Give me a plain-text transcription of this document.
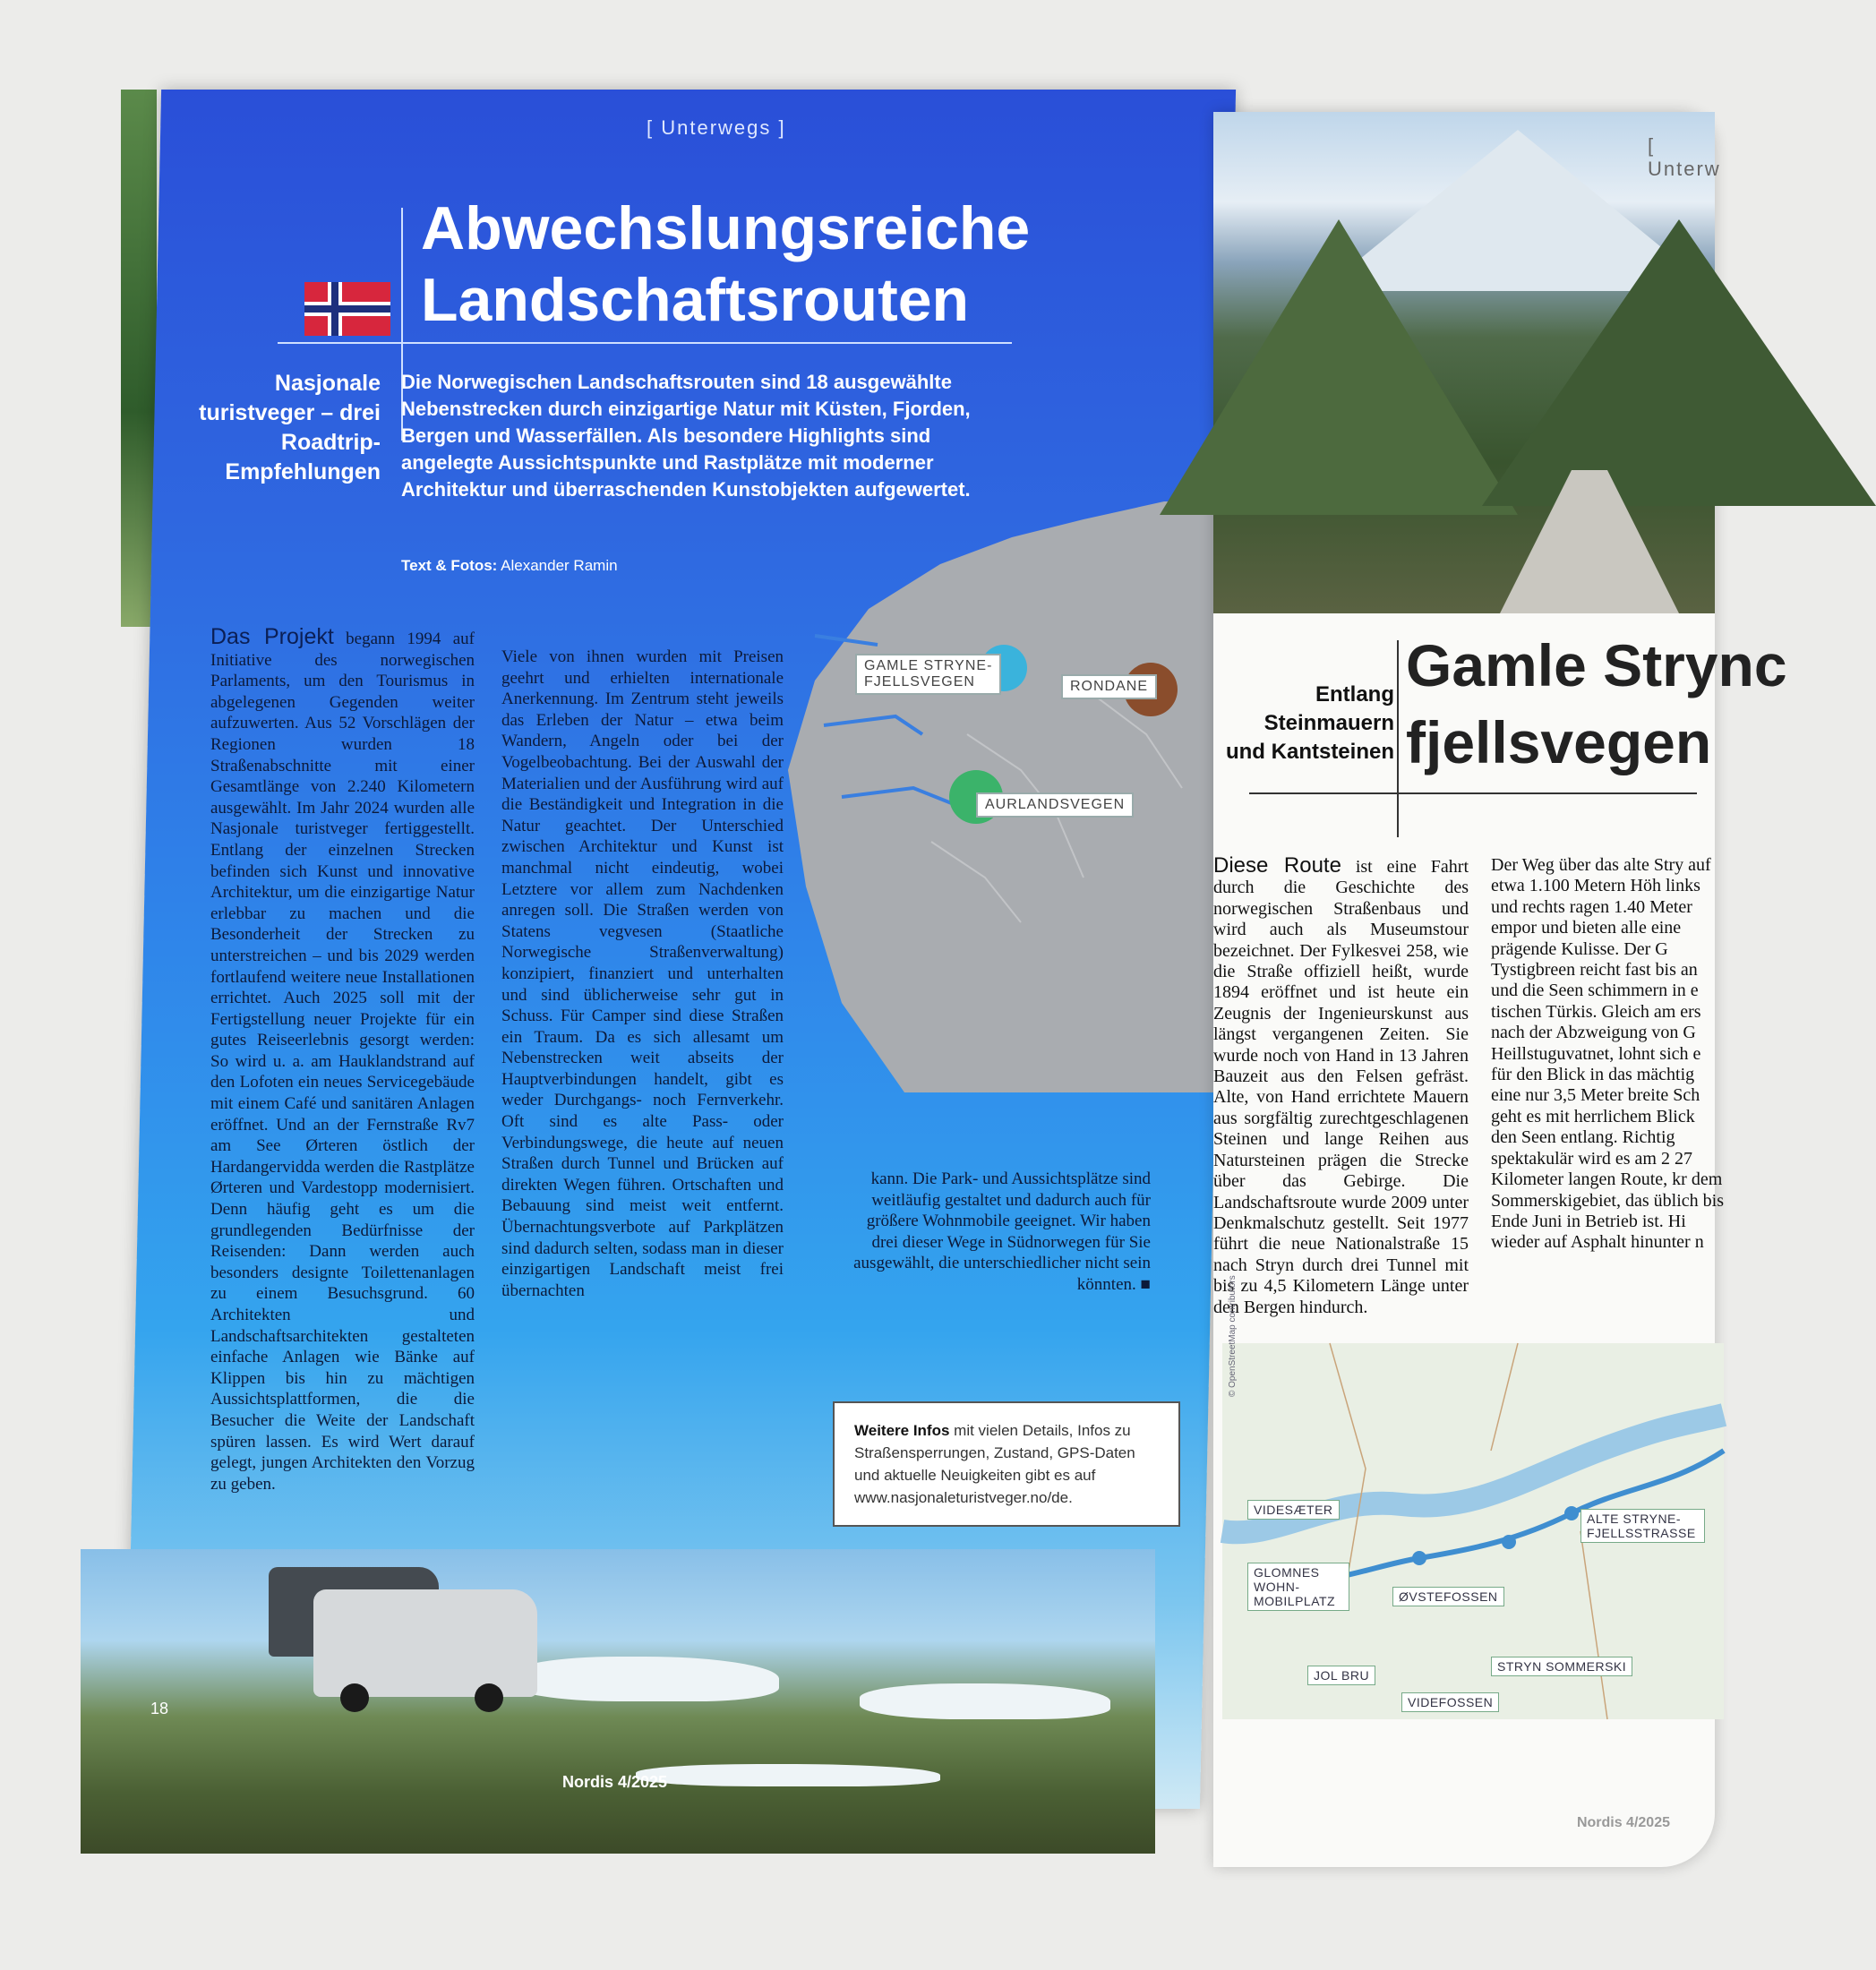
[ Unterwegs ]
Abwechslungsreiche
Landschaftsrouten
Nasjonale turistveger – drei Roadtrip-Empfehlungen
Die Norwegischen Landschaftsrouten sind 18 ausgewählte Nebenstrecken durch einzigartige Natur mit Küsten, Fjorden, Bergen und Wasserfällen. Als besondere Highlights sind angelegte Aussichtspunkte und Rastplätze mit moderner Architektur und überraschenden Kunstobjekten aufgewertet.
Text & Fotos: Alexander Ramin
Das Projekt begann 1994 auf Initiative des norwegischen Parlaments, um den Tourismus in abgelegenen Gegenden weiter aufzuwerten. Aus 52 Vorschlägen der Regionen wurden 18 Straßenabschnitte mit einer Gesamtlänge von 2.240 Kilometern ausgewählt. Im Jahr 2024 wurden alle Nasjonale turistveger fertiggestellt. Entlang der einzelnen Strecken befinden sich Kunst und innovative Architektur, um die einzigartige Natur erlebbar zu machen und die Besonderheit der Strecken zu unterstreichen – und bis 2029 werden fortlaufend weitere neue Installationen errichtet. Auch 2025 soll mit der Fertigstellung neuer Projekte für ein gutes Reiseerlebnis gesorgt werden: So wird u. a. am Hauklandstrand auf den Lofoten ein neues Servicegebäude mit einem Café und sanitären Anlagen eröffnet. Und an der Fernstraße Rv7 am See Ørteren östlich der Hardangervidda werden die Rastplätze Ørteren und Vardestopp modernisiert. Denn häufig geht es um die grundlegenden Bedürfnisse der Reisenden: Dann werden auch besonders designte Toilettenanlagen zu einem Besuchsgrund. 60 Architekten und Landschaftsarchitekten gestalteten einfache Anlagen wie Bänke auf Klippen bis hin zu mächtigen Aussichtsplattformen, die die Besucher die Weite der Landschaft spüren lassen. Es wird Wert darauf gelegt, jungen Architekten den Vorzug zu geben.
Viele von ihnen wurden mit Preisen geehrt und erhielten internationale Anerkennung. Im Zentrum steht jeweils das Erleben der Natur – etwa beim Wandern, Angeln oder bei der Vogelbeobachtung. Bei der Auswahl der Materialien und der Ausführung wird auf die Beständigkeit und Integration in die Natur geachtet. Der Unterschied zwischen Architektur und Kunst ist manchmal nicht eindeutig, wobei Letztere vor allem zum Nachdenken anregen soll. Die Straßen werden von Statens vegvesen (Staatliche Norwegische Straßenverwaltung) konzipiert, finanziert und unterhalten und sind üblicherweise sehr gut in Schuss. Für Camper sind diese Straßen ein Traum. Da es sich allesamt um Nebenstrecken weit abseits der Hauptverbindungen handelt, gibt es weder Durchgangs- noch Fernverkehr. Oft sind es alte Pass- oder Verbindungswege, die heute auf neuen Straßen durch Tunnel und Brücken auf direkten Wegen führen. Ortschaften und Bebauung sind meist weit entfernt. Übernachtungsverbote auf Parkplätzen sind dadurch selten, sodass man in dieser einzigartigen Landschaft meist frei übernachten
GAMLE STRYNE-
FJELLSVEGEN	RONDANE
AURLANDSVEGEN
kann. Die Park- und Aussichtsplätze sind weitläufig gestaltet und dadurch auch für größere Wohnmobile geeignet. Wir haben drei dieser Wege in Südnorwegen für Sie ausgewählt, die unterschiedlicher nicht sein könnten. ■
Weitere Infos mit vielen Details, Infos zu Straßensperrungen, Zustand, GPS-Daten und aktuelle Neuigkeiten gibt es auf
www.nasjonaleturistveger.no/de.
18
Nordis 4/2025
[ Unterw
Entlang Steinmauern und Kantsteinen
Gamle Strync
fjellsvegen
Diese Route ist eine Fahrt durch die Geschichte des norwegischen Straßenbaus und wird auch als Museumstour bezeichnet. Der Fylkesvei 258, wie die Straße offiziell heißt, wurde 1894 eröffnet und ist heute ein Zeugnis der Ingenieurskunst aus längst vergangenen Zeiten. Sie wurde noch von Hand in 13 Jahren Bauzeit aus den Felsen gefräst. Alte, von Hand errichtete Mauern aus sorgfältig zurechtgeschlagenen Steinen und lange Reihen aus Natursteinen prägen die Strecke über das Gebirge. Die Landschaftsroute wurde 2009 unter Denkmalschutz gestellt. Seit 1977 führt die neue Nationalstraße 15 nach Stryn durch drei Tunnel mit bis zu 4,5 Kilometern Länge unter den Bergen hindurch.
Der Weg über das alte Stry auf etwa 1.100 Metern Höh links und rechts ragen 1.40 Meter empor und bieten alle eine prägende Kulisse. Der G Tystigbreen reicht fast bis an und die Seen schimmern in e tischen Türkis. Gleich am ers nach der Abzweigung von G Heillstuguvatnet, lohnt sich e für den Blick in das mächtig eine nur 3,5 Meter breite Sch geht es mit herrlichem Blick den Seen entlang. Richtig spektakulär wird es am 2 27 Kilometer langen Route, kr dem Sommerskigebiet, das üblich bis Ende Juni in Betrieb ist. Hi wieder auf Asphalt hinunter n
VIDESÆTER
GLOMNES WOHN-MOBILPLATZ	ØVSTEFOSSEN
ALTE STRYNE-FJELLSSTRASSE
JOL BRU
VIDEFOSSEN
STRYN SOMMERSKI
© OpenStreetMap contributors
Nordis 4/2025
